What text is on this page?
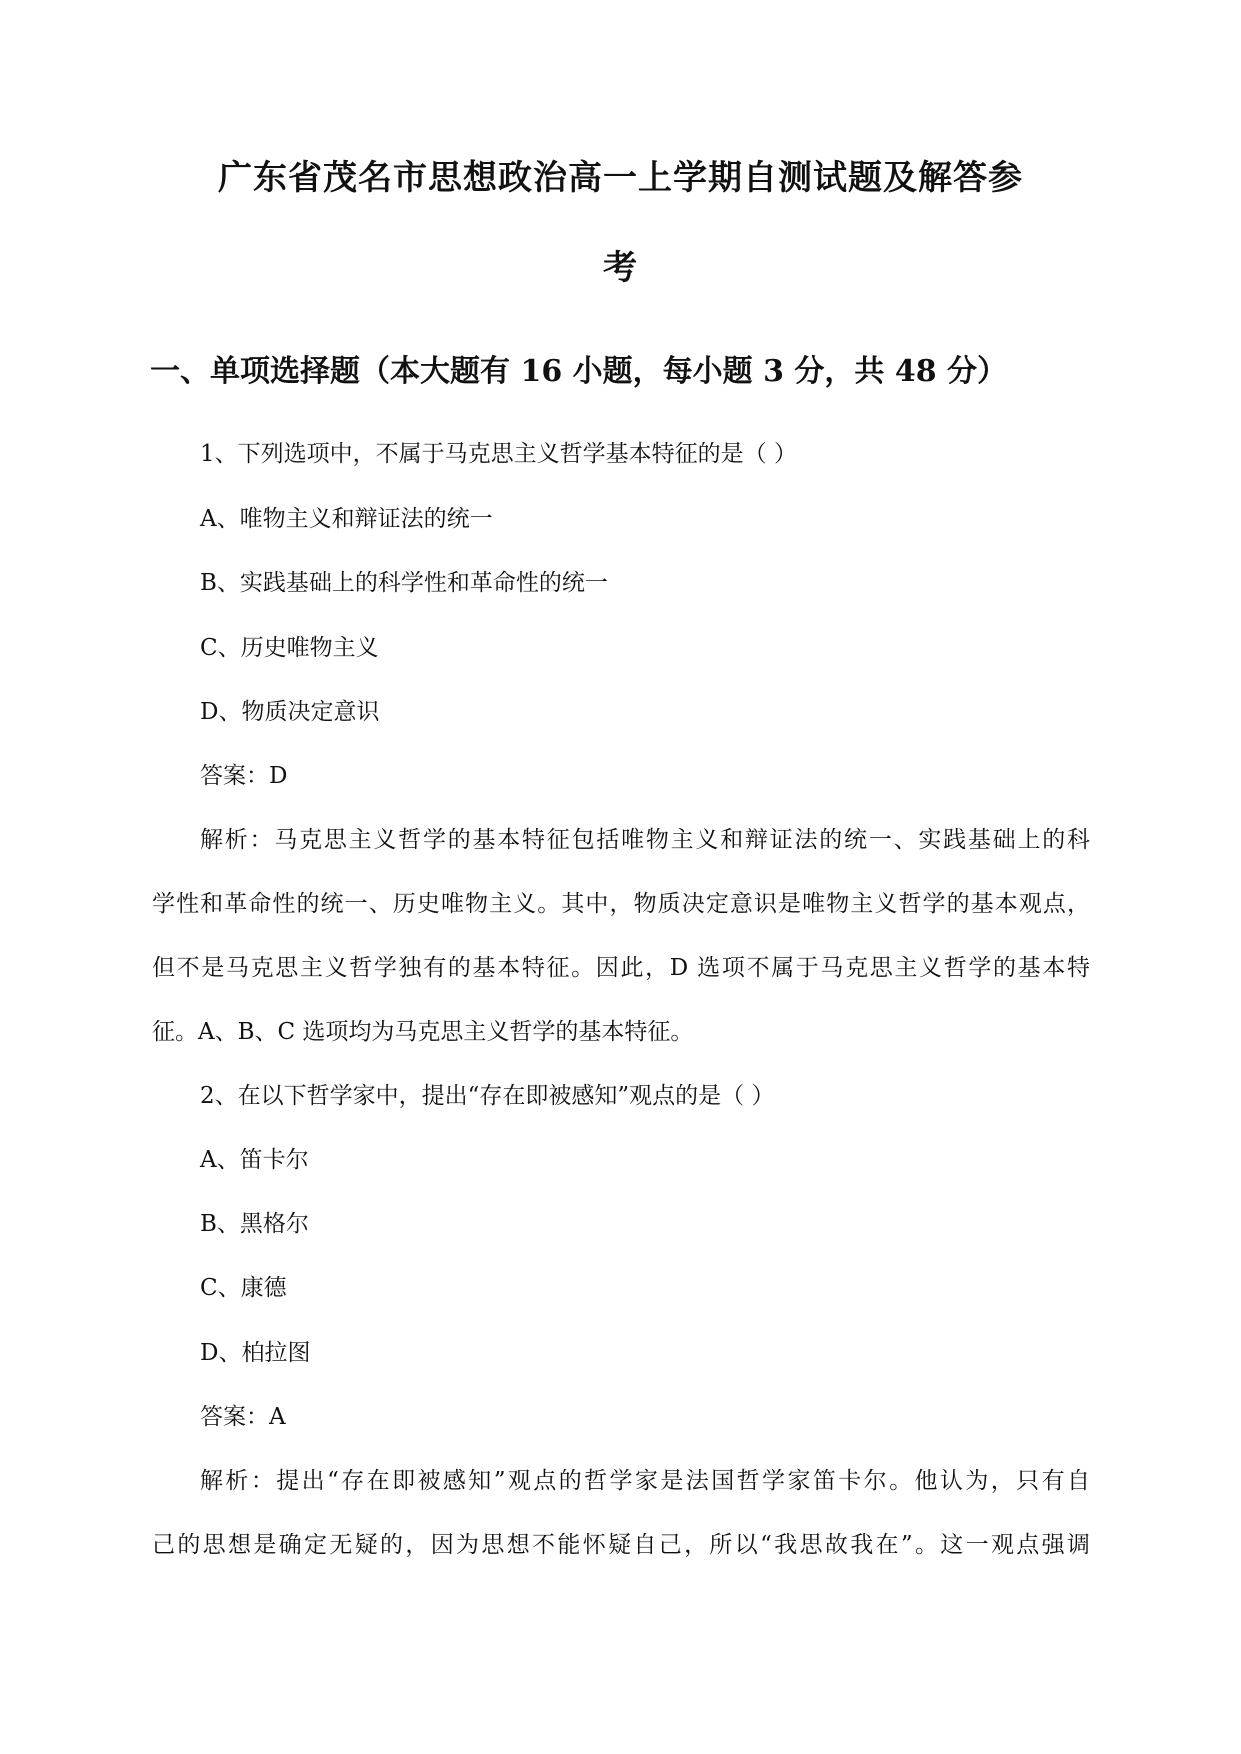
广东省茂名市思想政治高一上学期自测试题及解答参
考
一、单项选择题（本大题有 16 小题，每小题 3 分，共 48 分）

1、下列选项中，不属于马克思主义哲学基本特征的是（ ）

A、唯物主义和辩证法的统一

B、实践基础上的科学性和革命性的统一

C、历史唯物主义

D、物质决定意识

答案：D

解析：马克思主义哲学的基本特征包括唯物主义和辩证法的统一、实践基础上的科

学性和革命性的统一、历史唯物主义。其中，物质决定意识是唯物主义哲学的基本观点，

但不是马克思主义哲学独有的基本特征。因此，D 选项不属于马克思主义哲学的基本特

征。A、B、C 选项均为马克思主义哲学的基本特征。

2、在以下哲学家中，提出“存在即被感知”观点的是（ ）

A、笛卡尔

B、黑格尔

C、康德

D、柏拉图

答案：A

解析：提出“存在即被感知”观点的哲学家是法国哲学家笛卡尔。他认为，只有自

己的思想是确定无疑的，因为思想不能怀疑自己，所以“我思故我在”。这一观点强调
